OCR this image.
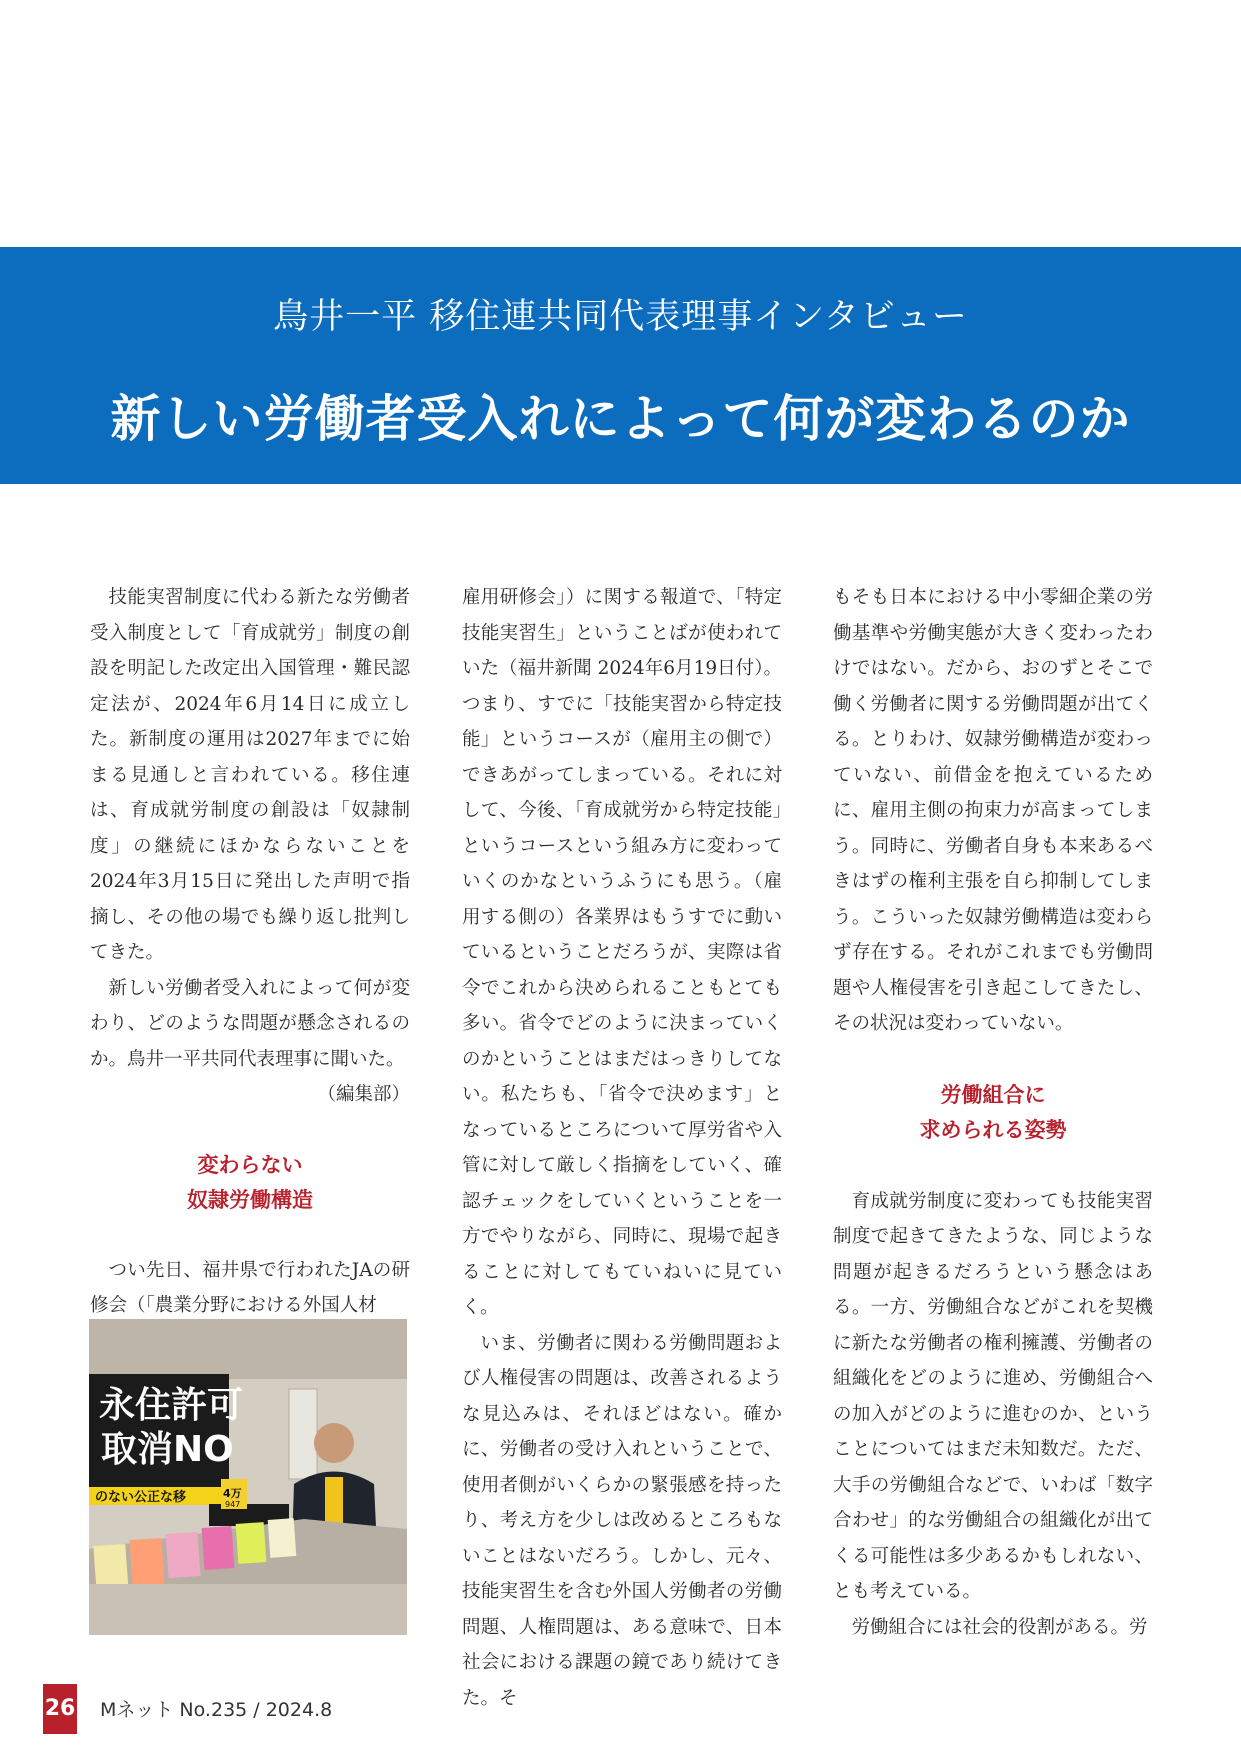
鳥井一平 移住連共同代表理事インタビュー
新しい労働者受入れによって何が変わるのか

技能実習制度に代わる新たな労働者受入制度として「育成就労」制度の創設を明記した改定出入国管理・難民認定法が、2024年6月14日に成立した。新制度の運用は2027年までに始まる見通しと言われている。移住連は、育成就労制度の創設は「奴隷制度」の継続にほかならないことを2024年3月15日に発出した声明で指摘し、その他の場でも繰り返し批判してきた。

新しい労働者受入れによって何が変わり、どのような問題が懸念されるのか。鳥井一平共同代表理事に聞いた。

（編集部）

変わらない
奴隷労働構造

つい先日、福井県で行われたJAの研修会（「農業分野における外国人材

永住許可
取消NO
のない公正な移	4万
947

雇用研修会」）に関する報道で、「特定技能実習生」ということばが使われていた（福井新聞 2024年6月19日付）。つまり、すでに「技能実習から特定技能」というコースが（雇用主の側で）できあがってしまっている。それに対して、今後、「育成就労から特定技能」というコースという組み方に変わっていくのかなというふうにも思う。（雇用する側の）各業界はもうすでに動いているということだろうが、実際は省令でこれから決められることもとても多い。省令でどのように決まっていくのかということはまだはっきりしてない。私たちも、「省令で決めます」となっているところについて厚労省や入管に対して厳しく指摘をしていく、確認チェックをしていくということを一方でやりながら、同時に、現場で起きることに対してもていねいに見ていく。

いま、労働者に関わる労働問題および人権侵害の問題は、改善されるような見込みは、それほどはない。確かに、労働者の受け入れということで、使用者側がいくらかの緊張感を持ったり、考え方を少しは改めるところもないことはないだろう。しかし、元々、技能実習生を含む外国人労働者の労働問題、人権問題は、ある意味で、日本社会における課題の鏡であり続けてきた。そ

もそも日本における中小零細企業の労働基準や労働実態が大きく変わったわけではない。だから、おのずとそこで働く労働者に関する労働問題が出てくる。とりわけ、奴隷労働構造が変わっていない、前借金を抱えているために、雇用主側の拘束力が高まってしまう。同時に、労働者自身も本来あるべきはずの権利主張を自ら抑制してしまう。こういった奴隷労働構造は変わらず存在する。それがこれまでも労働問題や人権侵害を引き起こしてきたし、その状況は変わっていない。

労働組合に
求められる姿勢

育成就労制度に変わっても技能実習制度で起きてきたような、同じような問題が起きるだろうという懸念はある。一方、労働組合などがこれを契機に新たな労働者の権利擁護、労働者の組織化をどのように進め、労働組合への加入がどのように進むのか、ということについてはまだ未知数だ。ただ、大手の労働組合などで、いわば「数字合わせ」的な労働組合の組織化が出てくる可能性は多少あるかもしれない、とも考えている。

労働組合には社会的役割がある。労

26 Mネット No.235 / 2024.8
